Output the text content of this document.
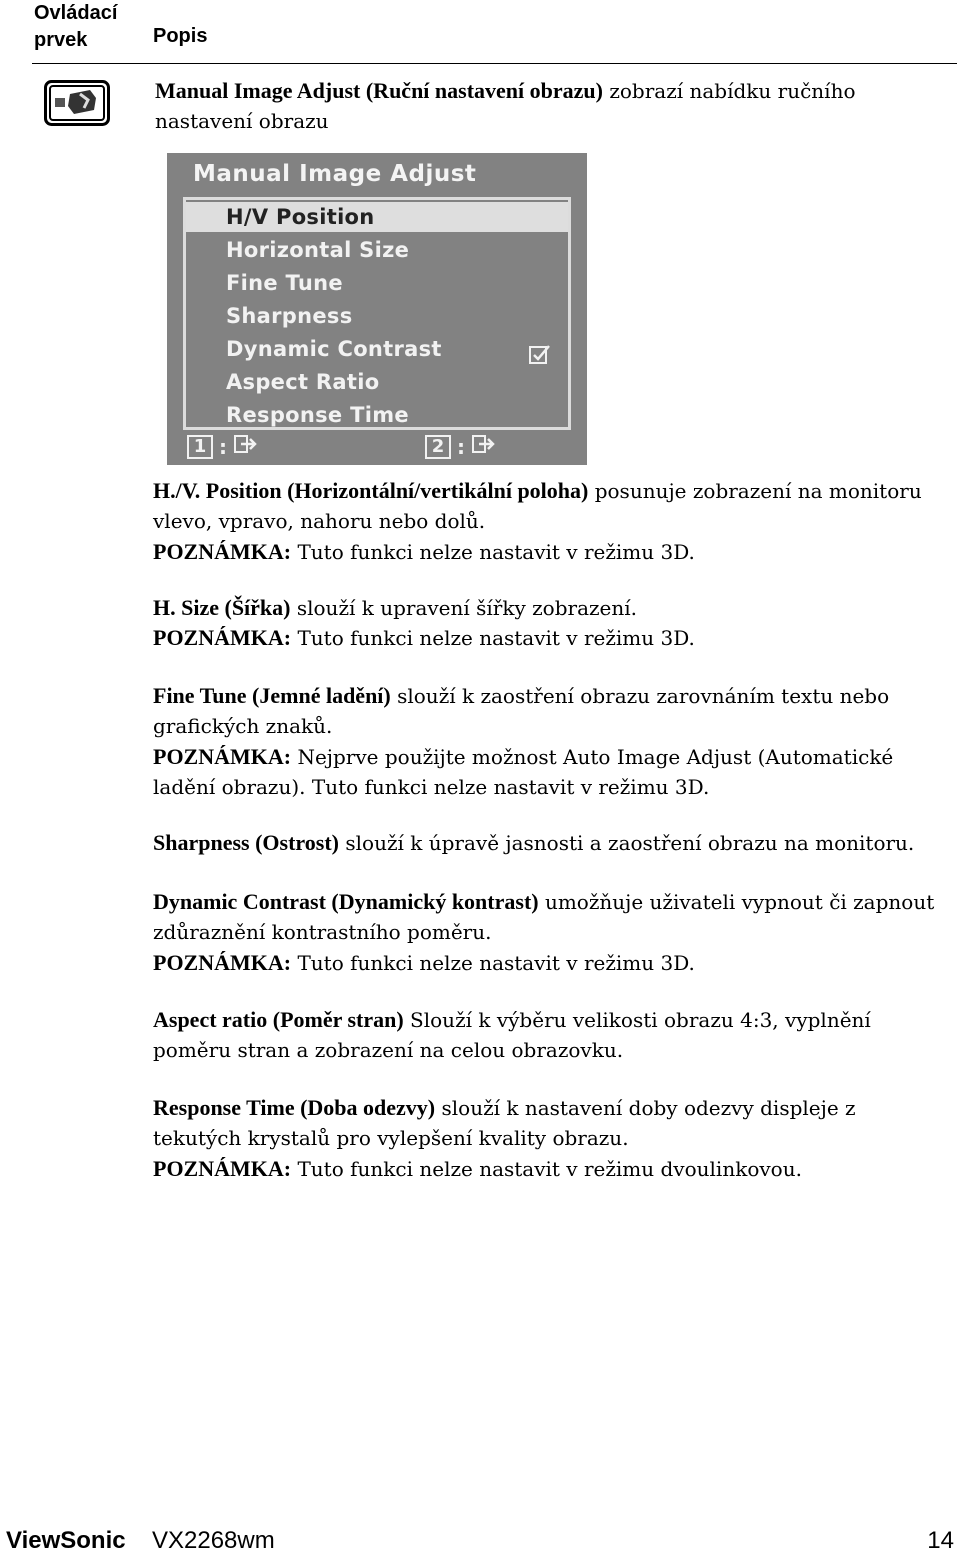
Ovládací prvek	Popis
Manual Image Adjust (Ruční nastavení obrazu) zobrazí nabídku ručního nastavení obrazu
Manual Image Adjust
H/V Position
Horizontal Size
Fine Tune
Sharpness
Dynamic Contrast
Aspect Ratio
Response Time
1 :	2 :
H./V. Position (Horizontální/vertikální poloha) posunuje zobrazení na monitoru vlevo, vpravo, nahoru nebo dolů.
POZNÁMKA: Tuto funkci nelze nastavit v režimu 3D.
H. Size (Šířka) slouží k upravení šířky zobrazení.
POZNÁMKA: Tuto funkci nelze nastavit v režimu 3D.
Fine Tune (Jemné ladění) slouží k zaostření obrazu zarovnáním textu nebo grafických znaků.
POZNÁMKA: Nejprve použijte možnost Auto Image Adjust (Automatické ladění obrazu). Tuto funkci nelze nastavit v režimu 3D.
Sharpness (Ostrost) slouží k úpravě jasnosti a zaostření obrazu na monitoru.
Dynamic Contrast (Dynamický kontrast) umožňuje uživateli vypnout či zapnout zdůraznění kontrastního poměru.
POZNÁMKA: Tuto funkci nelze nastavit v režimu 3D.
Aspect ratio (Poměr stran) Slouží k výběru velikosti obrazu 4:3, vyplnění poměru stran a zobrazení na celou obrazovku.
Response Time (Doba odezvy) slouží k nastavení doby odezvy displeje z tekutých krystalů pro vylepšení kvality obrazu.
POZNÁMKA: Tuto funkci nelze nastavit v režimu dvoulinkovou.
ViewSonic VX2268wm	14
